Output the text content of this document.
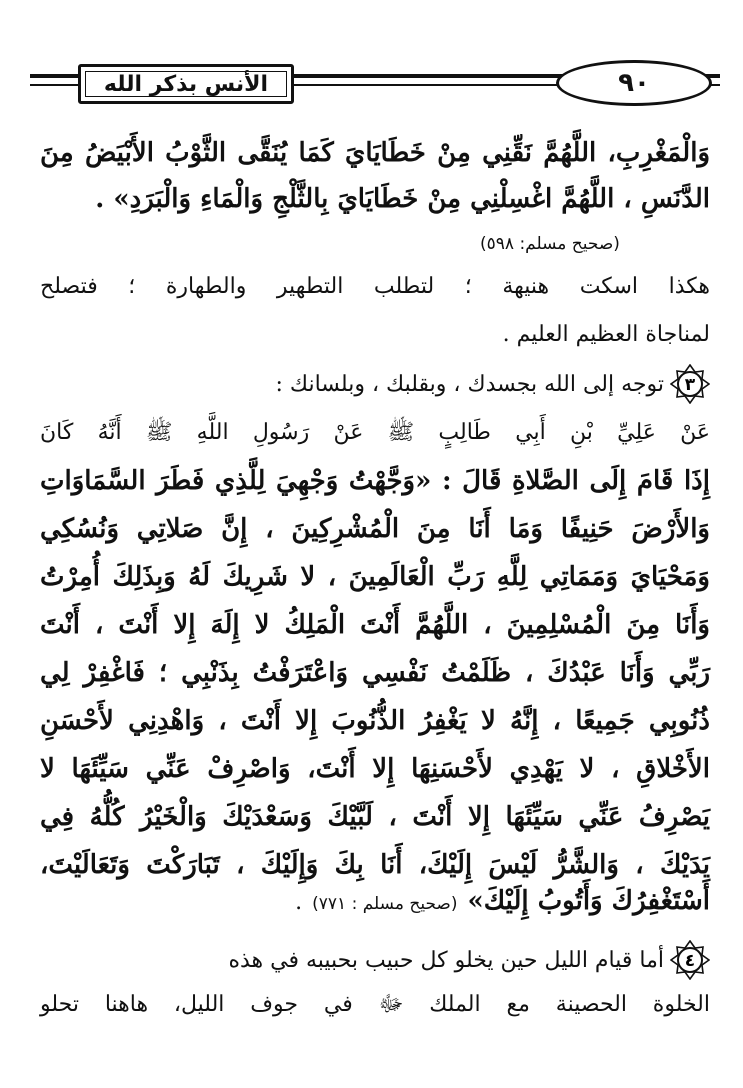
الأنس بذكر الله	٩٠
وَالْمَغْرِبِ، اللَّهُمَّ نَقِّنِي مِنْ خَطَايَايَ كَمَا يُنَقَّى الثَّوْبُ الأَبْيَضُ مِنَ
الدَّنَسِ ، اللَّهُمَّ اغْسِلْنِي مِنْ خَطَايَايَ بِالثَّلْجِ وَالْمَاءِ وَالْبَرَدِ» .
(صحيح مسلم: ٥٩٨)
هكذا اسكت هنيهة ؛ لتطلب التطهير والطهارة ؛ فتصلح
لمناجاة العظيم العليم .
٣
توجه إلى الله بجسدك ، وبقلبك ، وبلسانك :
عَنْ عَلِيِّ بْنِ أَبِي طَالِبٍ ﷺ عَنْ رَسُولِ اللَّهِ ﷺ أَنَّهُ كَانَ
إِذَا قَامَ إِلَى الصَّلاةِ قَالَ : «وَجَّهْتُ وَجْهِيَ لِلَّذِي فَطَرَ السَّمَاوَاتِ
وَالأَرْضَ حَنِيفًا وَمَا أَنَا مِنَ الْمُشْرِكِينَ ، إِنَّ صَلاتِي وَنُسُكِي
وَمَحْيَايَ وَمَمَاتِي لِلَّهِ رَبِّ الْعَالَمِينَ ، لا شَرِيكَ لَهُ وَبِذَلِكَ أُمِرْتُ
وَأَنَا مِنَ الْمُسْلِمِينَ ، اللَّهُمَّ أَنْتَ الْمَلِكُ لا إِلَهَ إِلا أَنْتَ ، أَنْتَ
رَبِّي وَأَنَا عَبْدُكَ ، ظَلَمْتُ نَفْسِي وَاعْتَرَفْتُ بِذَنْبِي ؛ فَاغْفِرْ لِي
ذُنُوبِي جَمِيعًا ، إِنَّهُ لا يَغْفِرُ الذُّنُوبَ إِلا أَنْتَ ، وَاهْدِنِي لأَحْسَنِ
الأَخْلاقِ ، لا يَهْدِي لأَحْسَنِهَا إِلا أَنْتَ، وَاصْرِفْ عَنِّي سَيِّئَهَا لا
يَصْرِفُ عَنِّي سَيِّئَهَا إِلا أَنْتَ ، لَبَّيْكَ وَسَعْدَيْكَ وَالْخَيْرُ كُلُّهُ فِي
يَدَيْكَ ، وَالشَّرُّ لَيْسَ إِلَيْكَ، أَنَا بِكَ وَإِلَيْكَ ، تَبَارَكْتَ وَتَعَالَيْتَ،
أَسْتَغْفِرُكَ وَأَتُوبُ إِلَيْكَ»
(صحيح مسلم : ٧٧١)
.
٤
أما قيام الليل حين يخلو كل حبيب بحبيبه في هذه
الخلوة الحصينة مع الملك ﷻ في جوف الليل، هاهنا تحلو
